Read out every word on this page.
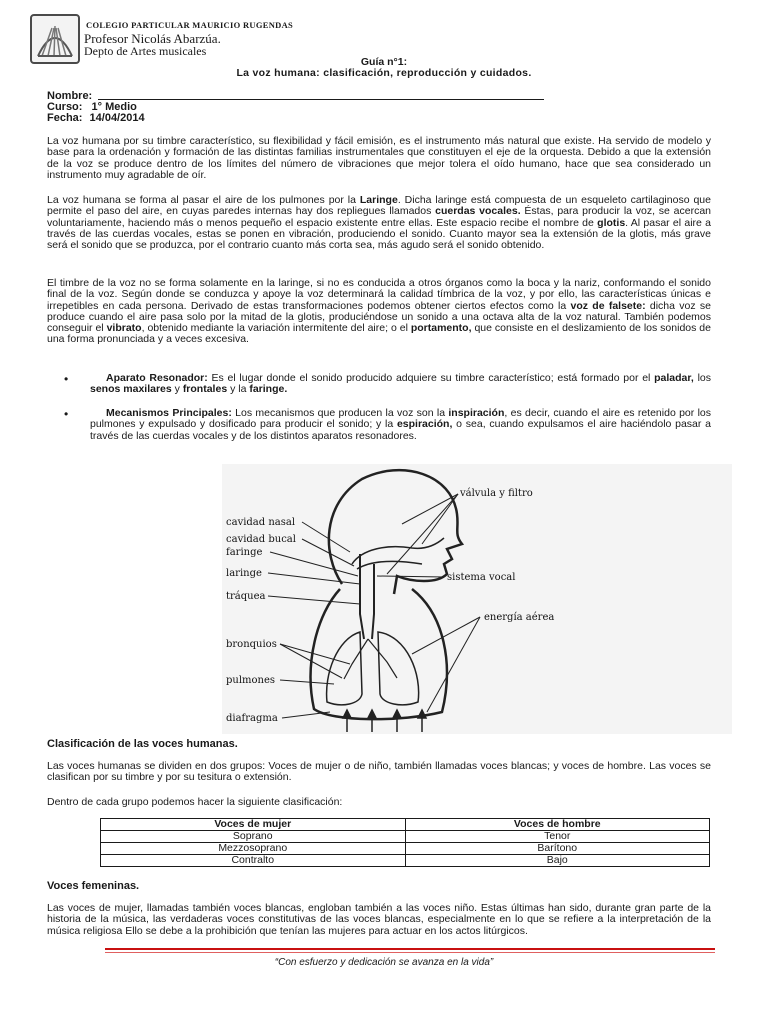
COLEGIO PARTICULAR MAURICIO RUGENDAS
Profesor Nicolás Abarzúa.
Depto de Artes musicales
Guía n°1:
La voz humana: clasificación, reproducción y cuidados.
Nombre:
Curso: 1° Medio
Fecha: 14/04/2014

La voz humana por su timbre característico, su flexibilidad y fácil emisión, es el instrumento más natural que existe. Ha servido de modelo y base para la ordenación y formación de las distintas familias instrumentales que constituyen el eje de la orquesta. Debido a que la extensión de la voz se produce dentro de los límites del número de vibraciones que mejor tolera el oído humano, hace que sea considerado un instrumento muy agradable de oír.

La voz humana se forma al pasar el aire de los pulmones por la Laringe. Dicha laringe está compuesta de un esqueleto cartilaginoso que permite el paso del aire, en cuyas paredes internas hay dos repliegues llamados cuerdas vocales. Éstas, para producir la voz, se acercan voluntariamente, haciendo más o menos pequeño el espacio existente entre ellas. Este espacio recibe el nombre de glotis. Al pasar el aire a través de las cuerdas vocales, estas se ponen en vibración, produciendo el sonido. Cuanto mayor sea la extensión de la glotis, más grave será el sonido que se produzca, por el contrario cuanto más corta sea, más agudo será el sonido obtenido.

El timbre de la voz no se forma solamente en la laringe, si no es conducida a otros órganos como la boca y la nariz, conformando el sonido final de la voz. Según donde se conduzca y apoye la voz determinará la calidad tímbrica de la voz, y por ello, las características únicas e irrepetibles en cada persona. Derivado de estas transformaciones podemos obtener ciertos efectos como la voz de falsete: dicha voz se produce cuando el aire pasa solo por la mitad de la glotis, produciéndose un sonido a una octava alta de la voz natural. También podemos conseguir el vibrato, obtenido mediante la variación intermitente del aire; o el portamento, que consiste en el deslizamiento de los sonidos de una forma pronunciada y a veces excesiva.

•	Aparato Resonador: Es el lugar donde el sonido producido adquiere su timbre característico; está formado por el paladar, los senos maxilares y frontales y la faringe.

•	Mecanismos Principales: Los mecanismos que producen la voz son la inspiración, es decir, cuando el aire es retenido por los pulmones y expulsado y dosificado para producir el sonido; y la espiración, o sea, cuando expulsamos el aire haciéndolo pasar a través de las cuerdas vocales y de los distintos aparatos resonadores.

cavidad nasal
cavidad bucal
faringe
laringe
tráquea
bronquios
pulmones
diafragma
válvula y filtro
sistema vocal
energía aérea
Clasificación de las voces humanas.

Las voces humanas se dividen en dos grupos: Voces de mujer o de niño, también llamadas voces blancas; y voces de hombre. Las voces se clasifican por su timbre y por su tesitura o extensión.

Dentro de cada grupo podemos hacer la siguiente clasificación:

Voces de mujer	Voces de hombre
Soprano	Tenor
Mezzosoprano	Barítono
Contralto	Bajo
Voces femeninas.

Las voces de mujer, llamadas también voces blancas, engloban también a las voces niño. Estas últimas han sido, durante gran parte de la historia de la música, las verdaderas voces constitutivas de las voces blancas, especialmente en lo que se refiere a la interpretación de la música religiosa Ello se debe a la prohibición que tenían las mujeres para actuar en los actos litúrgicos.

“Con esfuerzo y dedicación se avanza en la vida”
